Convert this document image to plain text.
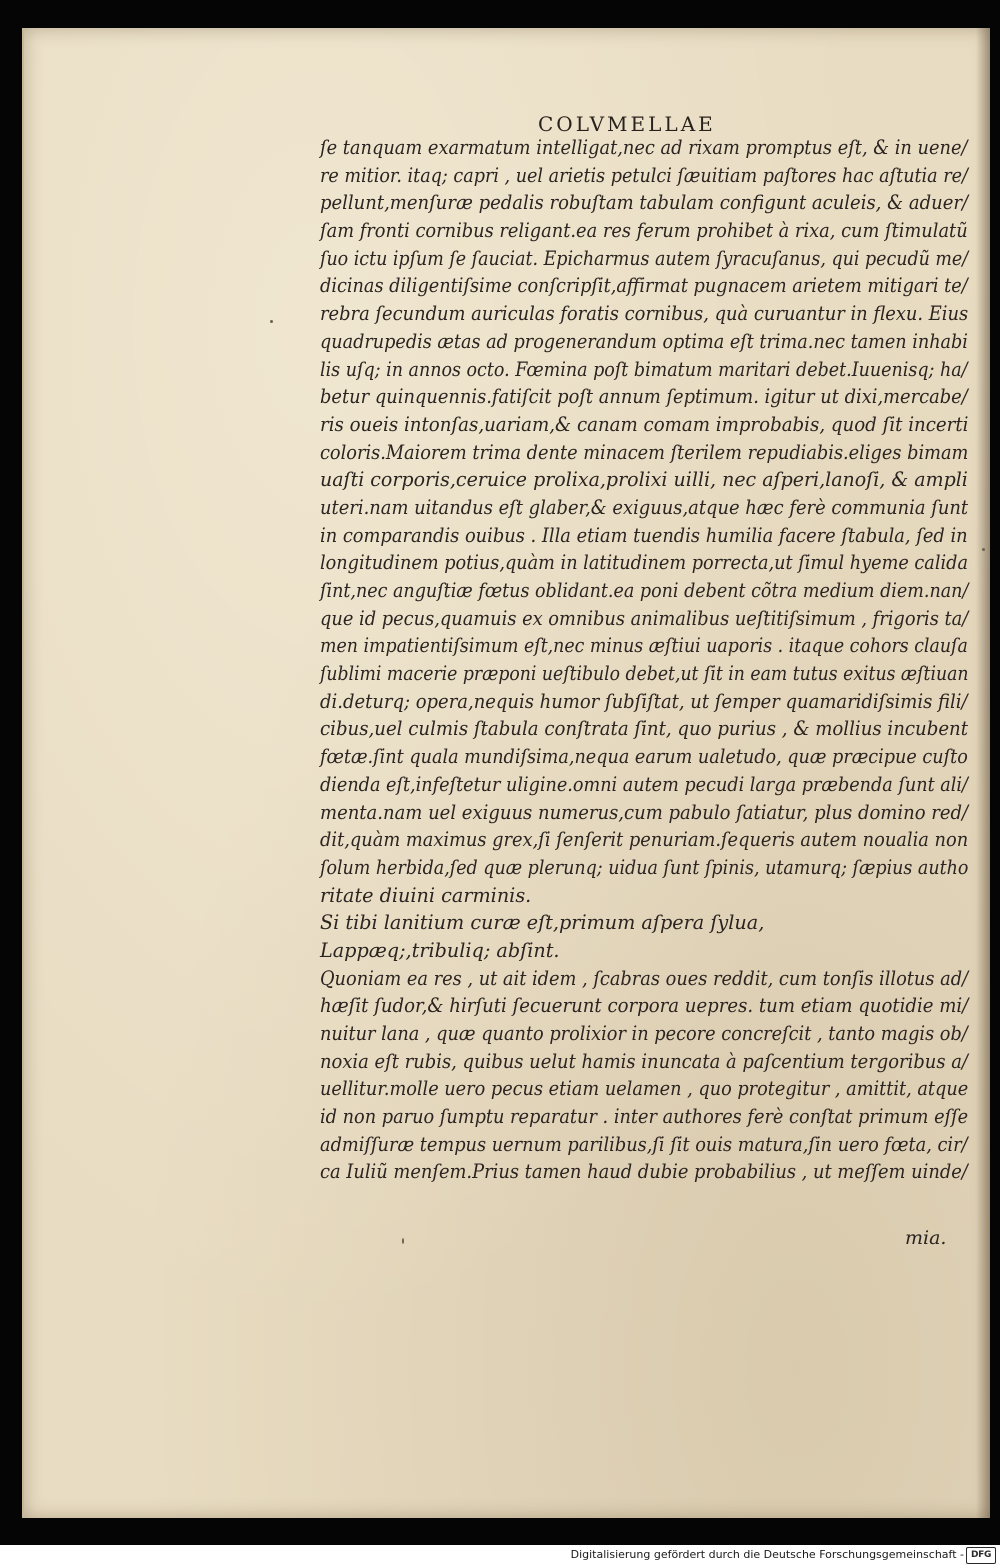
COLVMELLAE
ſe tanquam exarmatum intelligat,nec ad rixam promptus eſt, & in uene/
re mitior. itaq; capri , uel arietis petulci ſæuitiam paſtores hac aſtutia re/
pellunt,menſuræ pedalis robuſtam tabulam configunt aculeis, & aduer/
ſam fronti cornibus religant.ea res ferum prohibet à rixa, cum ſtimulatũ
ſuo ictu ipſum ſe ſauciat. Epicharmus autem ſyracuſanus, qui pecudũ me/
dicinas diligentiſsime conſcripſit,affirmat pugnacem arietem mitigari te/
rebra ſecundum auriculas foratis cornibus, quà curuantur in flexu. Eius
quadrupedis ætas ad progenerandum optima eſt trima.nec tamen inhabi
lis uſq; in annos octo. Fœmina poſt bimatum maritari debet.Iuuenisq; ha/
betur quinquennis.fatiſcit poſt annum ſeptimum. igitur ut dixi,mercabe/
ris oueis intonſas,uariam,& canam comam improbabis, quod ſit incerti
coloris.Maiorem trima dente minacem ſterilem repudiabis.eliges bimam
uaſti corporis,ceruice prolixa,prolixi uilli, nec aſperi,lanoſi, & ampli
uteri.nam uitandus eſt glaber,& exiguus,atque hæc ferè communia ſunt
in comparandis ouibus . Illa etiam tuendis humilia facere ſtabula, ſed in
longitudinem potius,quàm in latitudinem porrecta,ut ſimul hyeme calida
ſint,nec anguſtiæ fœtus oblidant.ea poni debent cõtra medium diem.nan/
que id pecus,quamuis ex omnibus animalibus ueſtitiſsimum , frigoris ta/
men impatientiſsimum eſt,nec minus æſtiui uaporis . itaque cohors clauſa
ſublimi macerie præponi ueſtibulo debet,ut ſit in eam tutus exitus æſtiuan
di.deturq; opera,nequis humor ſubſiſtat, ut ſemper quamaridiſsimis fili/
cibus,uel culmis ſtabula conſtrata ſint, quo purius , & mollius incubent
fœtæ.ſint quala mundiſsima,nequa earum ualetudo, quæ præcipue cuſto
dienda eſt,infeſtetur uligine.omni autem pecudi larga præbenda ſunt ali/
menta.nam uel exiguus numerus,cum pabulo ſatiatur, plus domino red/
dit,quàm maximus grex,ſi ſenſerit penuriam.ſequeris autem noualia non
ſolum herbida,ſed quæ plerunq; uidua ſunt ſpinis, utamurq; ſæpius autho
ritate diuini carminis.
Si tibi lanitium curæ eſt,primum aſpera ſylua,
Lappæq;,tribuliq; abſint.
Quoniam ea res , ut ait idem , ſcabras oues reddit, cum tonſis illotus ad/
hæſit ſudor,& hirſuti ſecuerunt corpora uepres. tum etiam quotidie mi/
nuitur lana , quæ quanto prolixior in pecore concreſcit , tanto magis ob/
noxia eſt rubis, quibus uelut hamis inuncata à paſcentium tergoribus a/
uellitur.molle uero pecus etiam uelamen , quo protegitur , amittit, atque
id non paruo ſumptu reparatur . inter authores ferè conſtat primum eſſe
admiſſuræ tempus uernum parilibus,ſi ſit ouis matura,ſin uero fœta, cir/
ca Iuliũ menſem.Prius tamen haud dubie probabilius , ut meſſem uinde/
mia.
Digitalisierung gefördert durch die Deutsche Forschungsgemeinschaft - DFG
